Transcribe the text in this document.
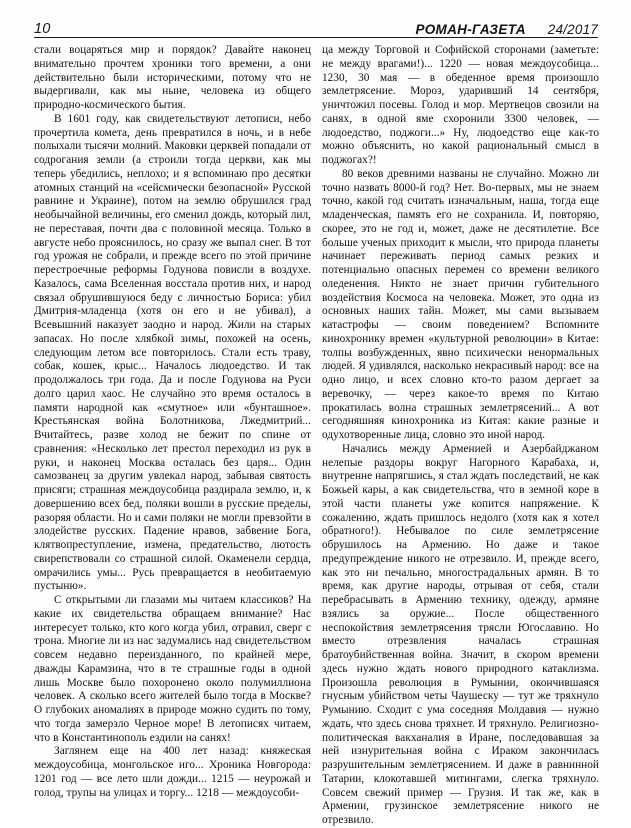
10	РОМАН-ГАЗЕТА 24/2017

стали воцаряться мир и порядок? Давайте наконец внимательно прочтем хроники того времени, а они действительно были историческими, потому что не выдергивали, как мы ныне, человека из общего природно-космического бытия.

В 1601 году, как свидетельствуют летописи, небо прочертила комета, день превратился в ночь, и в небе полыхали тысячи молний. Маковки церквей попадали от содрогания земли (а строили тогда церкви, как мы теперь убедились, неплохо; и я вспоминаю про десятки атомных станций на «сейсмически безопасной» Русской равнине и Украине), потом на землю обрушился град необычайной величины, его сменил дождь, который лил, не переставая, почти два с половиной месяца. Только в августе небо прояснилось, но сразу же выпал снег. В тот год урожая не собрали, и прежде всего по этой причине перестроечные реформы Годунова повисли в воздухе. Казалось, сама Вселенная восстала против них, и народ связал обрушившуюся беду с личностью Бориса: убил Дмитрия-младенца (хотя он его и не убивал), а Всевышний наказует заодно и народ. Жили на старых запасах. Но после хлябкой зимы, похожей на осень, следующим летом все повторилось. Стали есть траву, собак, кошек, крыс... Началось людоедство. И так продолжалось три года. Да и после Годунова на Руси долго царил хаос. Не случайно это время осталось в памяти народной как «смутное» или «бунташное». Крестьянская война Болотникова, Лжедмитрий... Вчитайтесь, разве холод не бежит по спине от сравнения: «Несколько лет престол переходил из рук в руки, и наконец Москва осталась без царя... Один самозванец за другим увлекал народ, забывая святость присяги; страшная междоусобица раздирала землю, и, к довершению всех бед, поляки вошли в русские пределы, разоряя области. Но и сами поляки не могли превзойти в злодействе русских. Падение нравов, забвение Бога, клятвопреступление, измена, предательство, лютость свирепствовали со страшной силой. Окаменели сердца, омрачились умы... Русь превращается в необитаемую пустыню».

С открытыми ли глазами мы читаем классиков? На какие их свидетельства обращаем внимание? Нас интересует только, кто кого когда убил, отравил, сверг с трона. Многие ли из нас задумались над свидетельством совсем недавно переизданного, по крайней мере, дважды Карамзина, что в те страшные годы в одной лишь Москве было похоронено около полумиллиона человек. А сколько всего жителей было тогда в Москве? О глубоких аномалиях в природе можно судить по тому, что тогда замерзло Черное море! В летописях читаем, что в Константинополь ездили на санях!

Заглянем еще на 400 лет назад: княжеская междоусобица, монгольское иго... Хроника Новгорода: 1201 год — все лето шли дожди... 1215 — неурожай и голод, трупы на улицах и торгу... 1218 — междоусоби-

ца между Торговой и Софийской сторонами (заметьте: не между врагами!)... 1220 — новая междоусобица... 1230, 30 мая — в обеденное время произошло землетрясение. Мороз, ударивший 14 сентября, уничтожил посевы. Голод и мор. Мертвецов свозили на санях, в одной яме схоронили 3300 человек, — людоедство, поджоги...» Ну, людоедство еще как-то можно объяснить, но какой рациональный смысл в поджогах?!

80 веков древними названы не случайно. Можно ли точно назвать 8000-й год? Нет. Во-первых, мы не знаем точно, какой год считать изначальным, наша, тогда еще младенческая, память его не сохранила. И, повторяю, скорее, это не год и, может, даже не десятилетие. Все больше ученых приходит к мысли, что природа планеты начинает переживать период самых резких и потенциально опасных перемен со времени великого оледенения. Никто не знает причин губительного воздействия Космоса на человека. Может, это одна из основных наших тайн. Может, мы сами вызываем катастрофы — своим поведением? Вспомните кинохронику времен «культурной революции» в Китае: толпы возбужденных, явно психически ненормальных людей. Я удивлялся, насколько некрасивый народ: все на одно лицо, и всех словно кто-то разом дергает за веревочку, — через какое-то время по Китаю прокатилась волна страшных землетрясений... А вот сегодняшняя кинохроника из Китая: какие разные и одухотворенные лица, словно это иной народ.

Начались между Арменией и Азербайджаном нелепые раздоры вокруг Нагорного Карабаха, и, внутренне напрягшись, я стал ждать последствий, не как Божьей кары, а как свидетельства, что в земной коре в этой части планеты уже копится напряжение. К сожалению, ждать пришлось недолго (хотя как я хотел обратного!). Небывалое по силе землетрясение обрушилось на Армению. Но даже и такое предупреждение никого не отрезвило. И, прежде всего, как это ни печально, многострадальных армян. В то время, как другие народы, отрывая от себя, стали перебрасывать в Армению технику, одежду, армяне взялись за оружие... После общественного неспокойствия землетрясения трясли Югославию. Но вместо отрезвления началась страшная братоубийственная война. Значит, в скором времени здесь нужно ждать нового природного катаклизма. Произошла революция в Румынии, окончившаяся гнусным убийством четы Чаушеску — тут же тряхнуло Румынию. Сходит с ума соседняя Молдавия — нужно ждать, что здесь снова тряхнет. И тряхнуло. Религиозно-политическая вакханалия в Иране, последовавшая за ней изнурительная война с Ираком закончилась разрушительным землетрясением. И даже в равнинной Татарии, клокотавшей митингами, слегка тряхнуло. Совсем свежий пример — Грузия. И так же, как в Армении, грузинское землетрясение никого не отрезвило.
